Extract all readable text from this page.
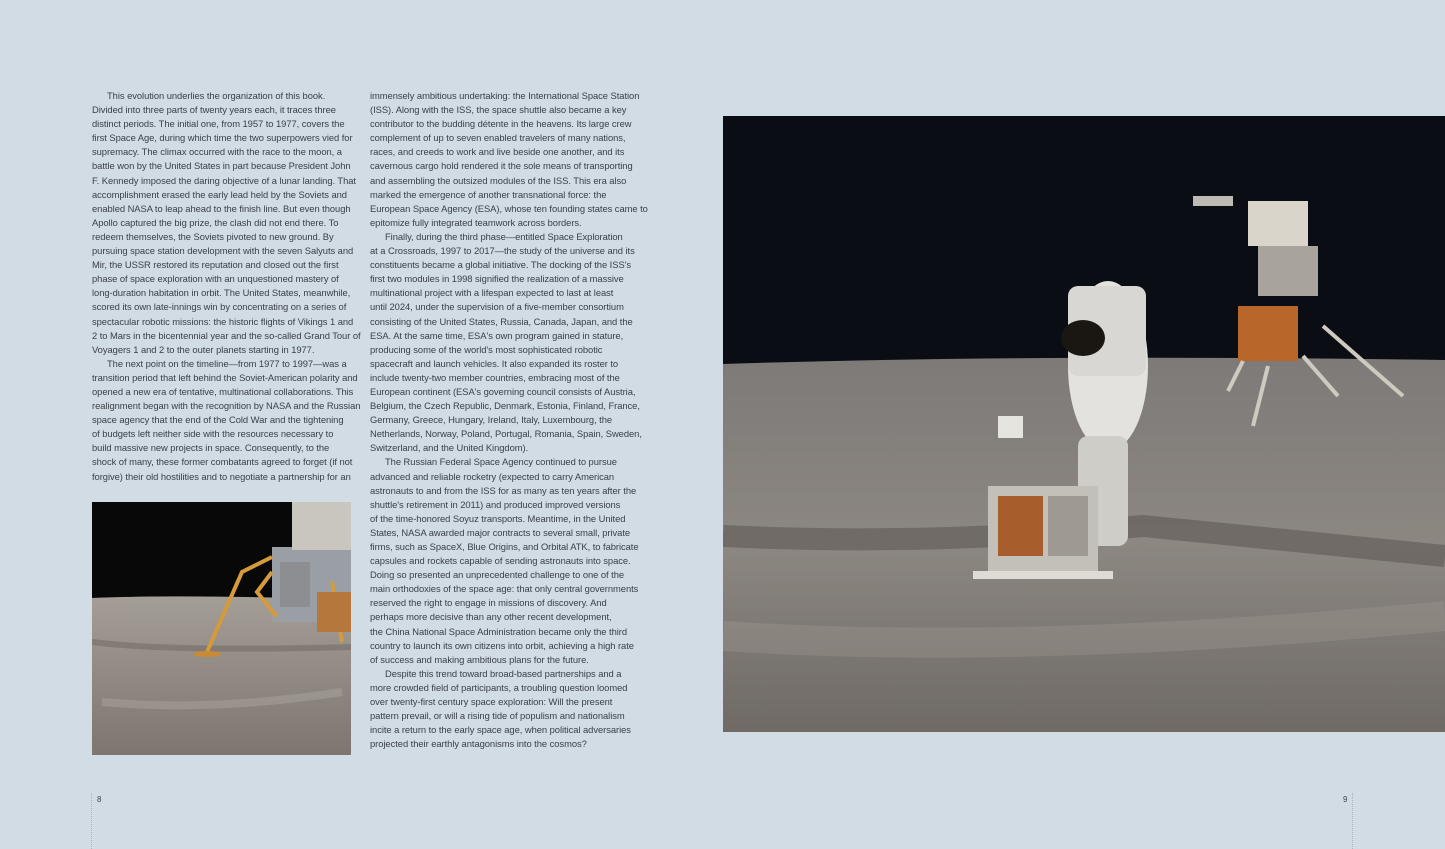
This evolution underlies the organization of this book.
Divided into three parts of twenty years each, it traces three
distinct periods. The initial one, from 1957 to 1977, covers the
first Space Age, during which time the two superpowers vied for
supremacy. The climax occurred with the race to the moon, a
battle won by the United States in part because President John
F. Kennedy imposed the daring objective of a lunar landing. That
accomplishment erased the early lead held by the Soviets and
enabled NASA to leap ahead to the finish line. But even though
Apollo captured the big prize, the clash did not end there. To
redeem themselves, the Soviets pivoted to new ground. By
pursuing space station development with the seven Salyuts and
Mir, the USSR restored its reputation and closed out the first
phase of space exploration with an unquestioned mastery of
long-duration habitation in orbit. The United States, meanwhile,
scored its own late-innings win by concentrating on a series of
spectacular robotic missions: the historic flights of Vikings 1 and
2 to Mars in the bicentennial year and the so-called Grand Tour of
Voyagers 1 and 2 to the outer planets starting in 1977.
The next point on the timeline—from 1977 to 1997—was a
transition period that left behind the Soviet-American polarity and
opened a new era of tentative, multinational collaborations. This
realignment began with the recognition by NASA and the Russian
space agency that the end of the Cold War and the tightening
of budgets left neither side with the resources necessary to
build massive new projects in space. Consequently, to the
shock of many, these former combatants agreed to forget (if not
forgive) their old hostilities and to negotiate a partnership for an
immensely ambitious undertaking: the International Space Station
(ISS). Along with the ISS, the space shuttle also became a key
contributor to the budding détente in the heavens. Its large crew
complement of up to seven enabled travelers of many nations,
races, and creeds to work and live beside one another, and its
cavernous cargo hold rendered it the sole means of transporting
and assembling the outsized modules of the ISS. This era also
marked the emergence of another transnational force: the
European Space Agency (ESA), whose ten founding states came to
epitomize fully integrated teamwork across borders.
Finally, during the third phase—entitled Space Exploration
at a Crossroads, 1997 to 2017—the study of the universe and its
constituents became a global initiative. The docking of the ISS's
first two modules in 1998 signified the realization of a massive
multinational project with a lifespan expected to last at least
until 2024, under the supervision of a five-member consortium
consisting of the United States, Russia, Canada, Japan, and the
ESA. At the same time, ESA's own program gained in stature,
producing some of the world's most sophisticated robotic
spacecraft and launch vehicles. It also expanded its roster to
include twenty-two member countries, embracing most of the
European continent (ESA's governing council consists of Austria,
Belgium, the Czech Republic, Denmark, Estonia, Finland, France,
Germany, Greece, Hungary, Ireland, Italy, Luxembourg, the
Netherlands, Norway, Poland, Portugal, Romania, Spain, Sweden,
Switzerland, and the United Kingdom).
The Russian Federal Space Agency continued to pursue
advanced and reliable rocketry (expected to carry American
astronauts to and from the ISS for as many as ten years after the
shuttle's retirement in 2011) and produced improved versions
of the time-honored Soyuz transports. Meantime, in the United
States, NASA awarded major contracts to several small, private
firms, such as SpaceX, Blue Origins, and Orbital ATK, to fabricate
capsules and rockets capable of sending astronauts into space.
Doing so presented an unprecedented challenge to one of the
main orthodoxies of the space age: that only central governments
reserved the right to engage in missions of discovery. And
perhaps more decisive than any other recent development,
the China National Space Administration became only the third
country to launch its own citizens into orbit, achieving a high rate
of success and making ambitious plans for the future.
Despite this trend toward broad-based partnerships and a
more crowded field of participants, a troubling question loomed
over twenty-first century space exploration: Will the present
pattern prevail, or will a rising tide of populism and nationalism
incite a return to the early space age, when political adversaries
projected their earthly antagonisms into the cosmos?
8	9
